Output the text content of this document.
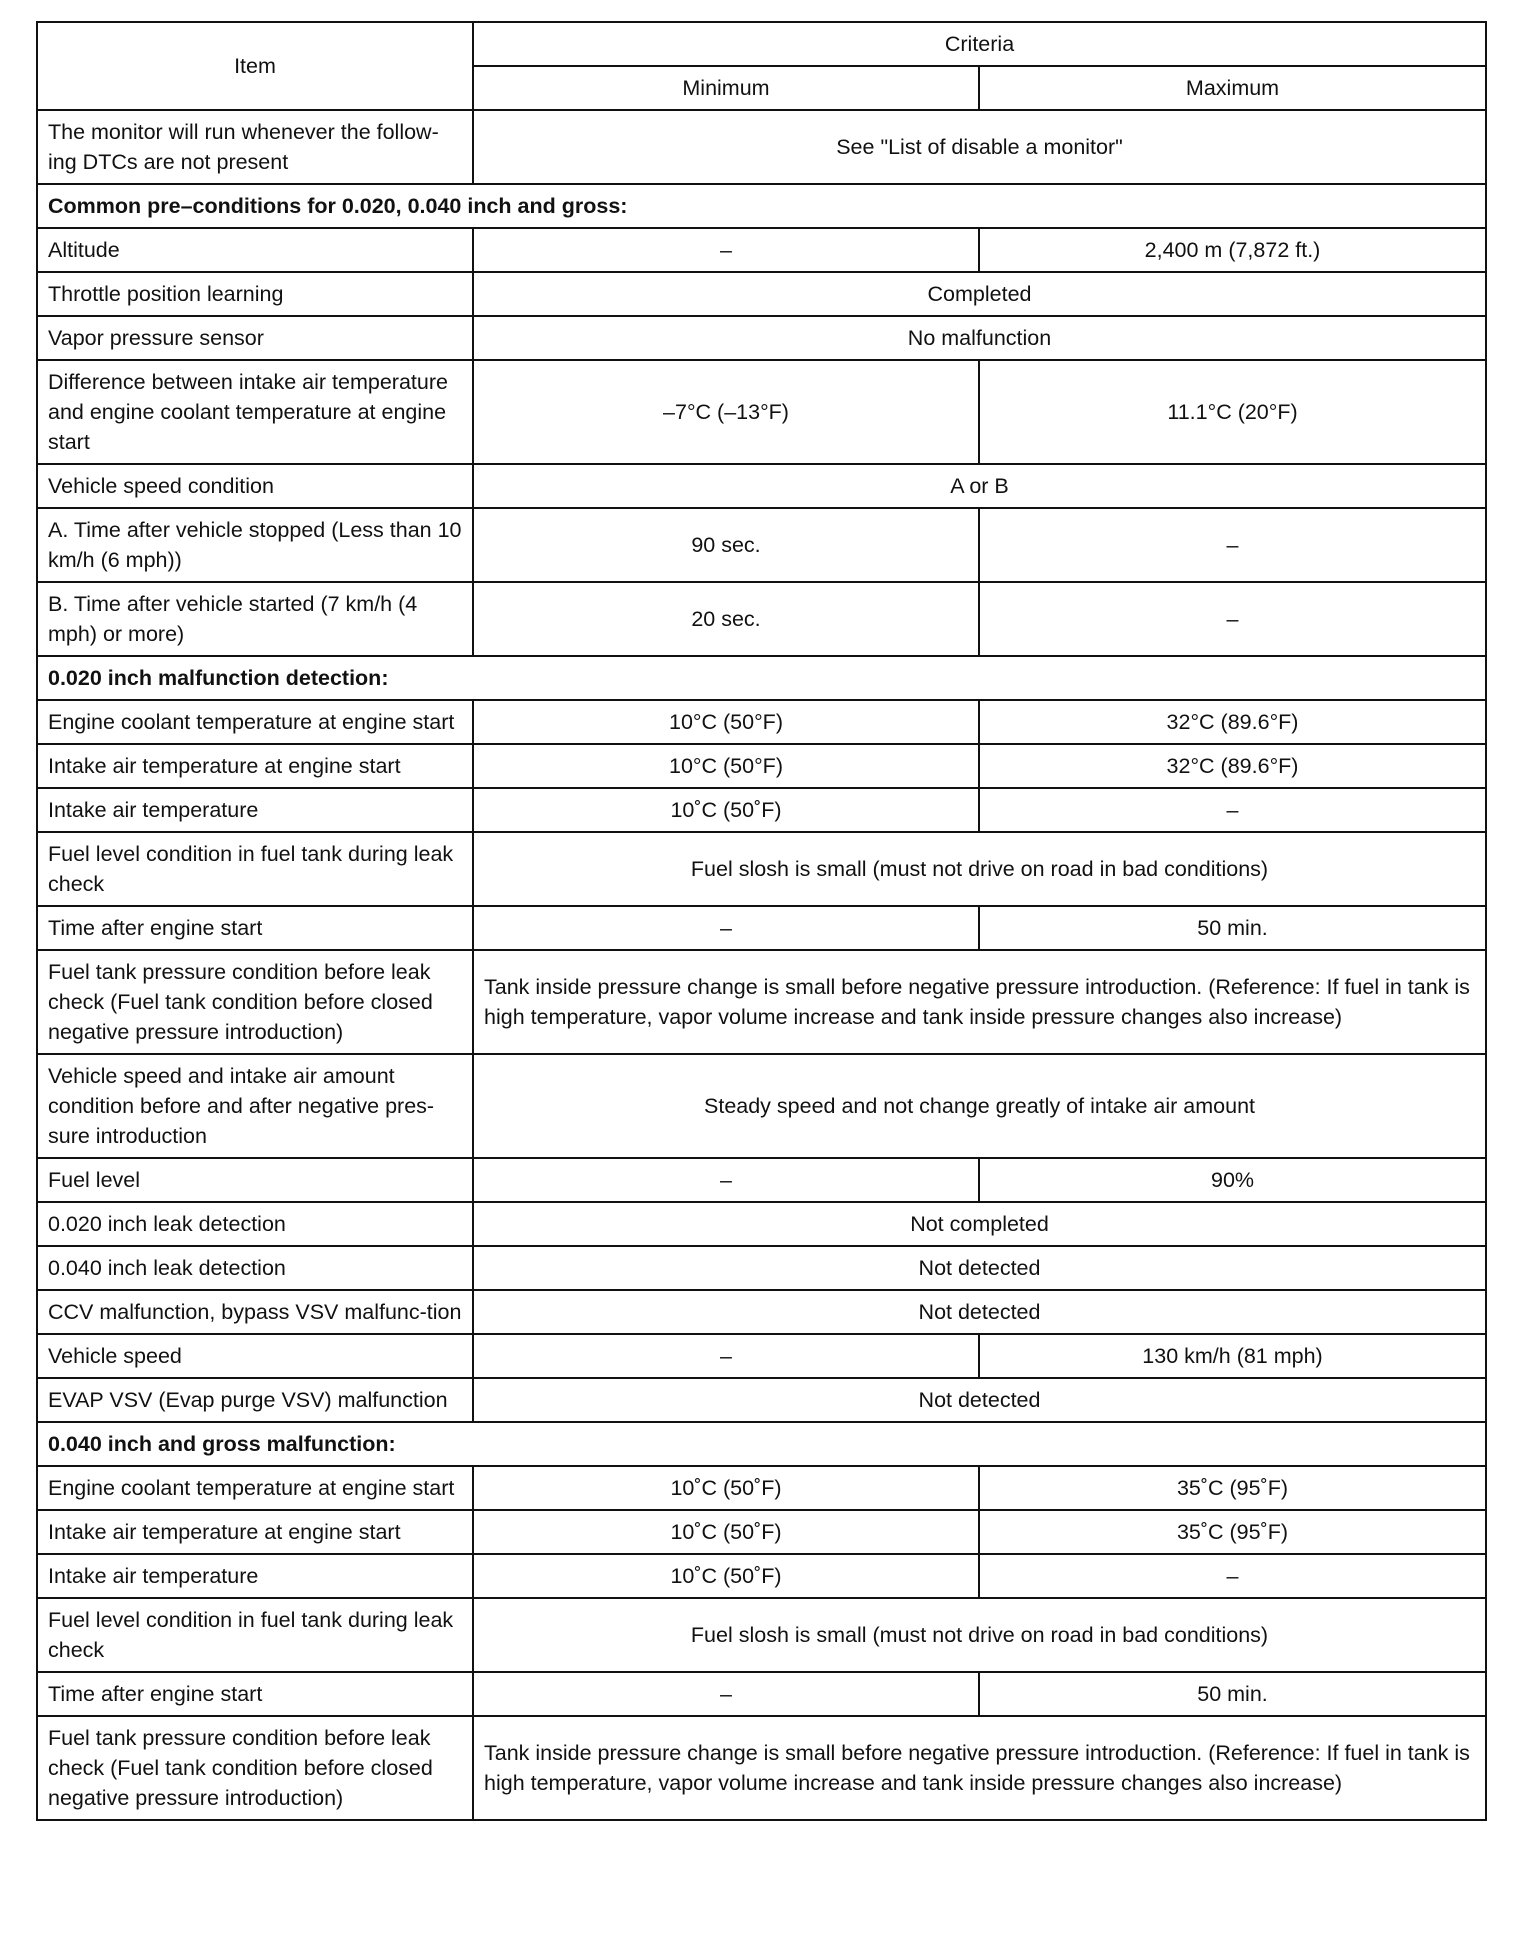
Item	Criteria	
	Minimum	Maximum
The monitor will run whenever the follow-ing DTCs are not present	See "List of disable a monitor"	
Common pre–conditions for 0.020, 0.040 inch and gross:		
Altitude	–	2,400 m (7,872 ft.)
Throttle position learning	Completed	
Vapor pressure sensor	No malfunction	
Difference between intake air temperature and engine coolant temperature at engine start	–7°C (–13°F)	11.1°C (20°F)
Vehicle speed condition	A or B	
A. Time after vehicle stopped (Less than 10 km/h (6 mph))	90 sec.	–
B. Time after vehicle started (7 km/h (4 mph) or more)	20 sec.	–
0.020 inch malfunction detection:		
Engine coolant temperature at engine start	10°C (50°F)	32°C (89.6°F)
Intake air temperature at engine start	10°C (50°F)	32°C (89.6°F)
Intake air temperature	10˚C (50˚F)	–
Fuel level condition in fuel tank during leak check	Fuel slosh is small (must not drive on road in bad conditions)	
Time after engine start	–	50 min.
Fuel tank pressure condition before leak check (Fuel tank condition before closed negative pressure introduction)	Tank inside pressure change is small before negative pressure introduction. (Reference: If fuel in tank is high temperature, vapor volume increase and tank inside pressure changes also increase)	
Vehicle speed and intake air amount condition before and after negative pres-sure introduction	Steady speed and not change greatly of intake air amount	
Fuel level	–	90%
0.020 inch leak detection	Not completed	
0.040 inch leak detection	Not detected	
CCV malfunction, bypass VSV malfunc-tion	Not detected	
Vehicle speed	–	130 km/h (81 mph)
EVAP VSV (Evap purge VSV) malfunction	Not detected	
0.040 inch and gross malfunction:		
Engine coolant temperature at engine start	10˚C (50˚F)	35˚C (95˚F)
Intake air temperature at engine start	10˚C (50˚F)	35˚C (95˚F)
Intake air temperature	10˚C (50˚F)	–
Fuel level condition in fuel tank during leak check	Fuel slosh is small (must not drive on road in bad conditions)	
Time after engine start	–	50 min.
Fuel tank pressure condition before leak check (Fuel tank condition before closed negative pressure introduction)	Tank inside pressure change is small before negative pressure introduction. (Reference: If fuel in tank is high temperature, vapor volume increase and tank inside pressure changes also increase)	
